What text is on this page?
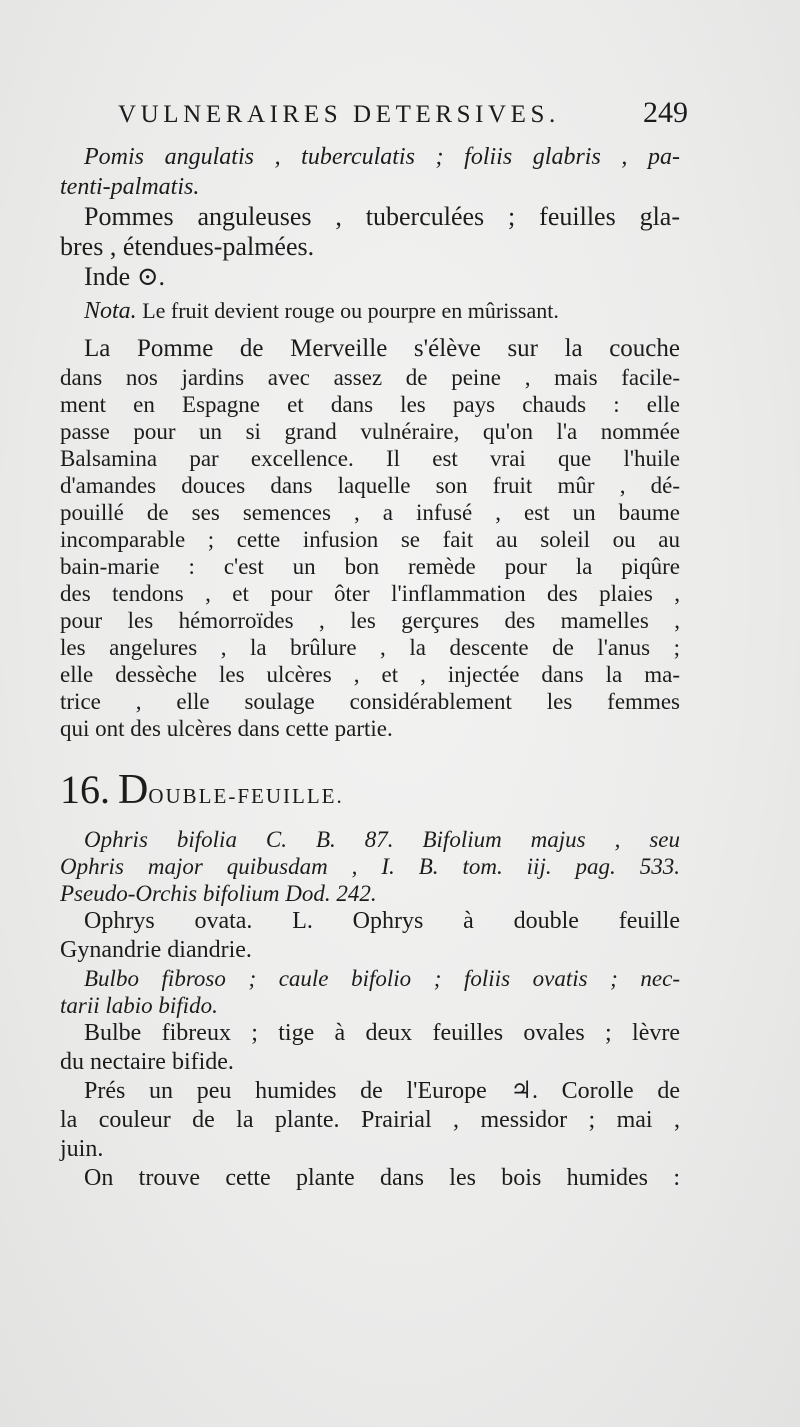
VULNERAIRES DETERSIVES.	249
Pomis angulatis , tuberculatis ; foliis glabris , pa-
tenti-palmatis.
Pommes anguleuses , tuberculées ; feuilles gla-
bres , étendues-palmées.
Inde ⊙.
Nota. Le fruit devient rouge ou pourpre en mûrissant.
La Pomme de Merveille s'élève sur la couche
dans nos jardins avec assez de peine , mais facile-
ment en Espagne et dans les pays chauds : elle
passe pour un si grand vulnéraire, qu'on l'a nommée
Balsamina par excellence. Il est vrai que l'huile
d'amandes douces dans laquelle son fruit mûr , dé-
pouillé de ses semences , a infusé , est un baume
incomparable ; cette infusion se fait au soleil ou au
bain-marie : c'est un bon remède pour la piqûre
des tendons , et pour ôter l'inflammation des plaies ,
pour les hémorroïdes , les gerçures des mamelles ,
les angelures , la brûlure , la descente de l'anus ;
elle dessèche les ulcères , et , injectée dans la ma-
trice , elle soulage considérablement les femmes
qui ont des ulcères dans cette partie.
16. D OUBLE-FEUILLE.
Ophris bifolia C. B. 87. Bifolium majus , seu
Ophris major quibusdam , I. B. tom. iij. pag. 533.
Pseudo-Orchis bifolium Dod. 242.
Ophrys ovata. L. Ophrys à double feuille
Gynandrie diandrie.
Bulbo fibroso ; caule bifolio ; foliis ovatis ; nec-
tarii labio bifido.
Bulbe fibreux ; tige à deux feuilles ovales ; lèvre
du nectaire bifide.
Prés un peu humides de l'Europe ♃. Corolle de
la couleur de la plante. Prairial , messidor ; mai ,
juin.
On trouve cette plante dans les bois humides :
